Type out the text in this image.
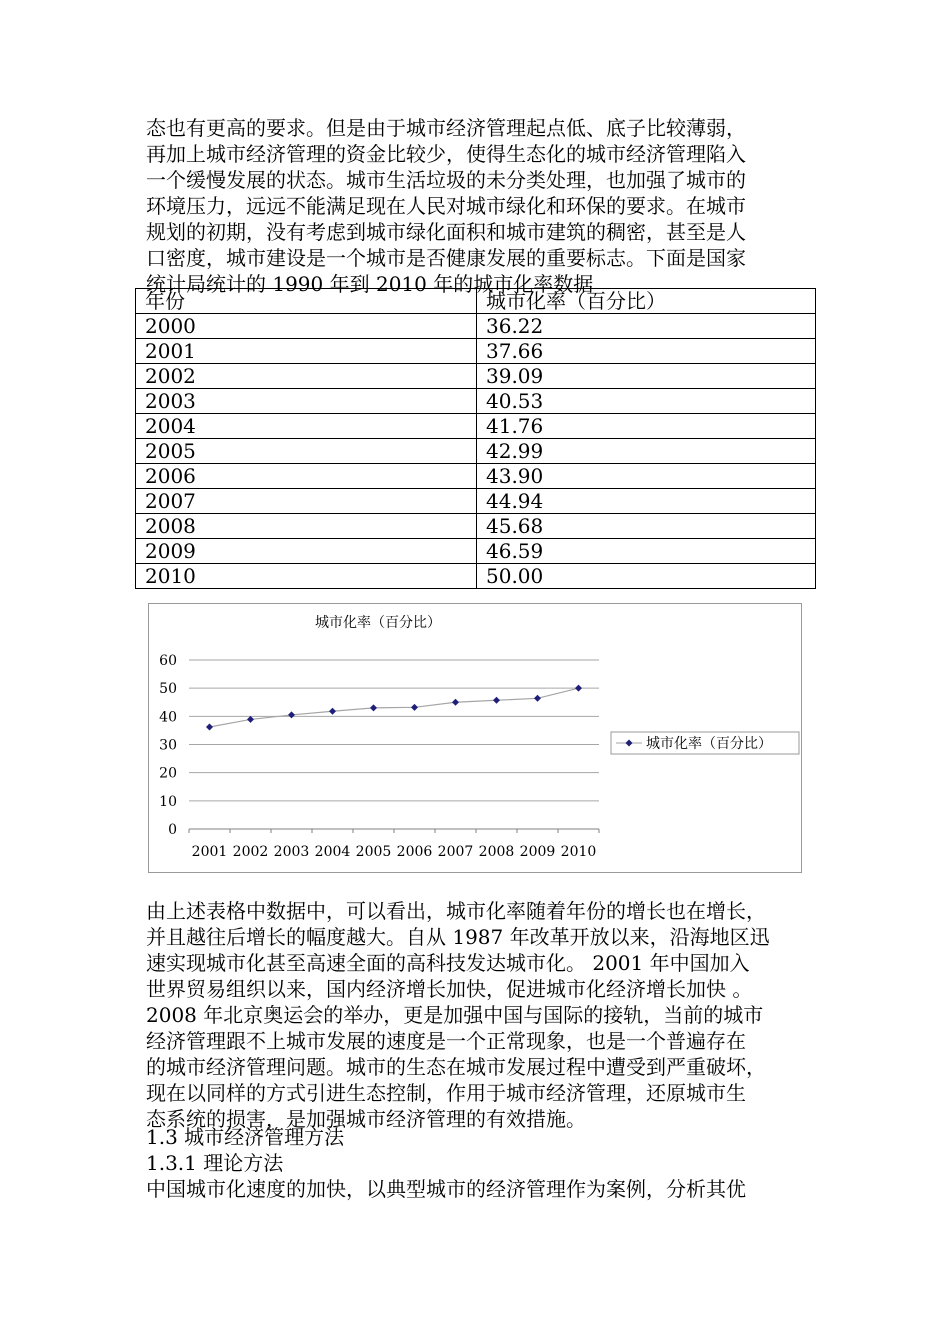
态也有更高的要求。但是由于城市经济管理起点低、底子比较薄弱，
再加上城市经济管理的资金比较少，使得生态化的城市经济管理陷入
一个缓慢发展的状态。城市生活垃圾的未分类处理，也加强了城市的
环境压力，远远不能满足现在人民对城市绿化和环保的要求。在城市
规划的初期，没有考虑到城市绿化面积和城市建筑的稠密，甚至是人
口密度，城市建设是一个城市是否健康发展的重要标志。下面是国家
统计局统计的 1990 年到 2010 年的城市化率数据
年份	城市化率（百分比）
2000	36.22
2001	37.66
2002	39.09
2003	40.53
2004	41.76
2005	42.99
2006	43.90
2007	44.94
2008	45.68
2009	46.59
2010	50.00
城市化率（百分比）
0
10
20
30
40
50
60
2001 2002 2003 2004 2005 2006 2007 2008 2009 2010
城市化率（百分比）
由上述表格中数据中，可以看出，城市化率随着年份的增长也在增长，
并且越往后增长的幅度越大。自从 1987 年改革开放以来，沿海地区迅
速实现城市化甚至高速全面的高科技发达城市化。 2001 年中国加入
世界贸易组织以来，国内经济增长加快，促进城市化经济增长加快 。
2008 年北京奥运会的举办，更是加强中国与国际的接轨，当前的城市
经济管理跟不上城市发展的速度是一个正常现象，也是一个普遍存在
的城市经济管理问题。城市的生态在城市发展过程中遭受到严重破坏，
现在以同样的方式引进生态控制，作用于城市经济管理，还原城市生
态系统的损害，是加强城市经济管理的有效措施。

1.3 城市经济管理方法

1.3.1 理论方法

中国城市化速度的加快，以典型城市的经济管理作为案例，分析其优
